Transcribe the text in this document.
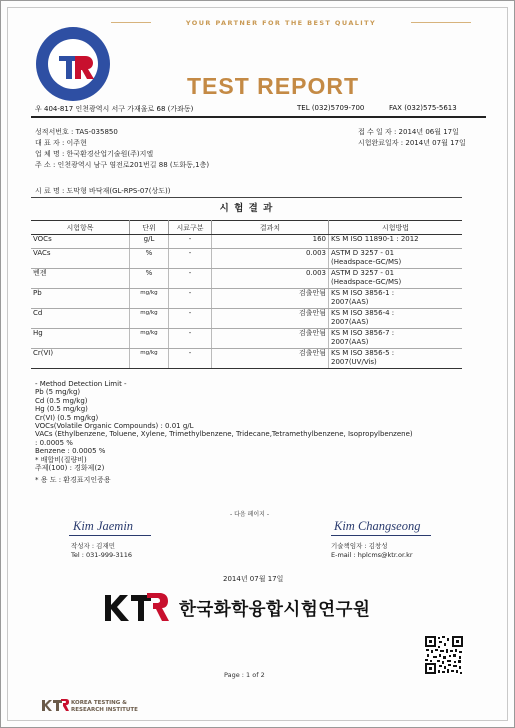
YOUR PARTNER FOR THE BEST QUALITY
TEST REPORT
우 404-817 인천광역시 서구 가재울로 68 (가좌동)	TEL (032)5709-700	FAX (032)575-5613
성적서번호 : TAS-035850
대 표 자 : 이주현
업 체 명 : 한국환경산업기술원(주)지엘
주 소 : 인천광역시 남구 염전로201번길 88 (도화동,1층)
접 수 일 자 : 2014년 06월 17일
시험완료일자 : 2014년 07월 17일
시 료 명 : 도막형 바닥재(GL-RPS-07(상도))
시 험 결 과
시험항목	단위	시료구분	결과치	시험방법
VOCs	g/L	-	160	KS M ISO 11890-1 : 2012
VACs	%	-	0.003	ASTM D 3257 - 01
(Headspace-GC/MS)
벤젠	%	-	0.003	ASTM D 3257 - 01
(Headspace-GC/MS)
Pb	mg/kg	-	검출안됨	KS M ISO 3856-1 :
2007(AAS)
Cd	mg/kg	-	검출안됨	KS M ISO 3856-4 :
2007(AAS)
Hg	mg/kg	-	검출안됨	KS M ISO 3856-7 :
2007(AAS)
Cr(VI)	mg/kg	-	검출안됨	KS M ISO 3856-5 :
2007(UV/Vis)
- Method Detection Limit -
Pb (5 mg/kg)
Cd (0.5 mg/kg)
Hg (0.5 mg/kg)
Cr(VI) (0.5 mg/kg)
VOCs(Volatile Organic Compounds) : 0.01 g/L
VACs (Ethylbenzene, Toluene, Xylene, Trimethylbenzene, Tridecane,Tetramethylbenzene, Isopropylbenzene)
: 0.0005 %
Benzene : 0.0005 %
* 배합비(질량비)
주제(100) : 경화제(2)
* 용 도 : 환경표지인증용
- 다음 페이지 -
Kim Jaemin
작성자 : 김재민
Tel : 031-999-3116
Kim Changseong
기술책임자 : 김창성
E-mail : hplcms@ktr.or.kr
2014년 07월 17일
한국화학융합시험연구원
Page : 1 of 2
KOREA TESTING &
RESEARCH INSTITUTE
